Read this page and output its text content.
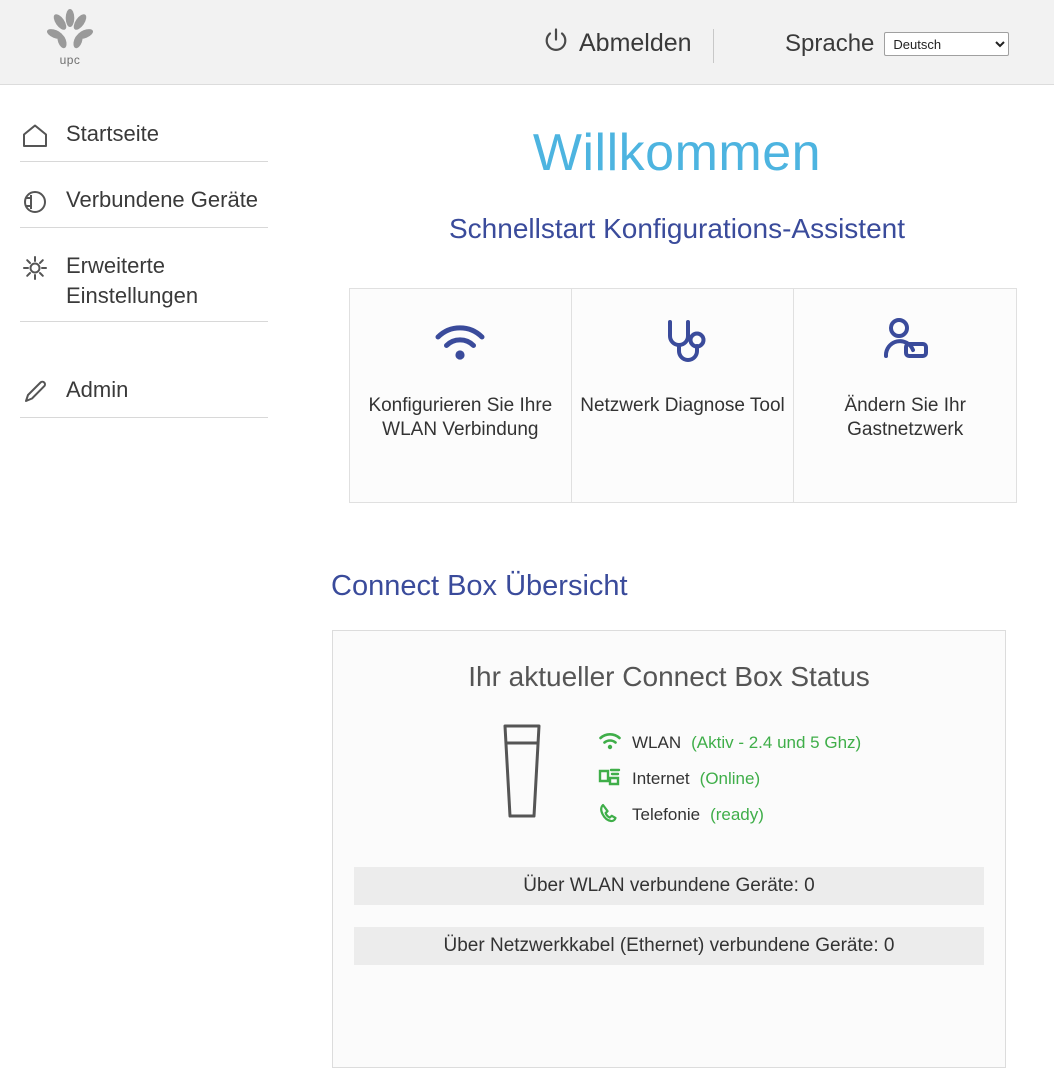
upc
Abmelden	Sprache
Deutsch
Startseite
Verbundene Geräte
Erweiterte Einstellungen
Admin
Willkommen
Schnellstart Konfigurations-Assistent
Konfigurieren Sie Ihre WLAN Verbindung
Netzwerk Diagnose Tool	Ändern Sie Ihr Gastnetzwerk
Connect Box Übersicht
Ihr aktueller Connect Box Status
WLAN (Aktiv - 2.4 und 5 Ghz)
Internet (Online)
Telefonie (ready)
Über WLAN verbundene Geräte: 0
Über Netzwerkkabel (Ethernet) verbundene Geräte: 0
